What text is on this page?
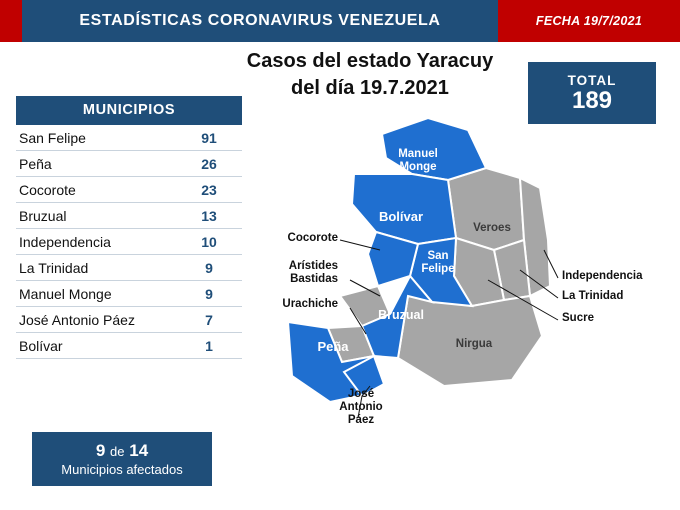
ESTADÍSTICAS CORONAVIRUS VENEZUELA	FECHA 19/7/2021
Casos del estado Yaracuy
del día 19.7.2021	TOTAL
189
MUNICIPIOS
San Felipe	91
Peña	26
Cocorote	23
Bruzual	13
Independencia	10
La Trinidad	9
Manuel Monge	9
José Antonio Páez	7
Bolívar	1
9 de 14
Municipios afectados
Manuel
Monge
Bolívar
San
Felipe
Bruzual
Peña
Veroes
Nirgua
Cocorote
Arístides
Bastidas
Urachiche
Independencia
La Trinidad
Sucre
José
Antonio
Páez
